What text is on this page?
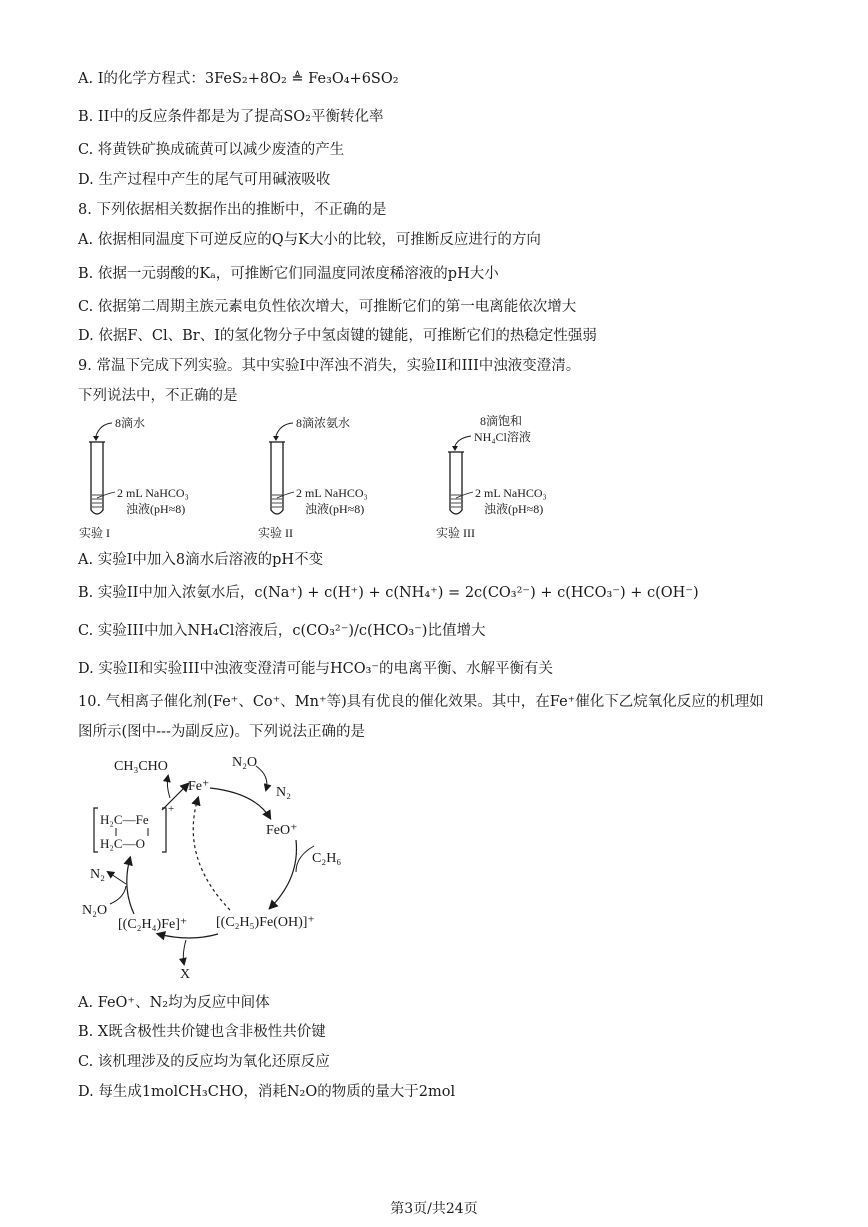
A. I的化学方程式：3FeS₂+8O₂ ≜ Fe₃O₄+6SO₂
B. II中的反应条件都是为了提高SO₂平衡转化率
C. 将黄铁矿换成硫黄可以减少废渣的产生
D. 生产过程中产生的尾气可用碱液吸收
8. 下列依据相关数据作出的推断中，不正确的是
A. 依据相同温度下可逆反应的Q与K大小的比较，可推断反应进行的方向
B. 依据一元弱酸的Kₐ，可推断它们同温度同浓度稀溶液的pH大小
C. 依据第二周期主族元素电负性依次增大，可推断它们的第一电离能依次增大
D. 依据F、Cl、Br、I的氢化物分子中氢卤键的键能，可推断它们的热稳定性强弱
9. 常温下完成下列实验。其中实验I中浑浊不消失，实验II和III中浊液变澄清。
下列说法中，不正确的是
8滴水
2 mL NaHCO₃
浊液(pH≈8)
实验 I
8滴浓氨水
2 mL NaHCO₃
浊液(pH≈8)
实验 II
8滴饱和
NH₄Cl溶液
2 mL NaHCO₃
浊液(pH≈8)
实验 III
A. 实验I中加入8滴水后溶液的pH不变
B. 实验II中加入浓氨水后，c(Na⁺) + c(H⁺) + c(NH₄⁺) = 2c(CO₃²⁻) + c(HCO₃⁻) + c(OH⁻)
C. 实验III中加入NH₄Cl溶液后，c(CO₃²⁻)/c(HCO₃⁻)比值增大
D. 实验II和实验III中浊液变澄清可能与HCO₃⁻的电离平衡、水解平衡有关
10. 气相离子催化剂(Fe⁺、Co⁺、Mn⁺等)具有优良的催化效果。其中，在Fe⁺催化下乙烷氧化反应的机理如
图所示(图中---为副反应)。下列说法正确的是
CH₃CHO
Fe⁺
N₂O
N₂
FeO⁺
C₂H₆
H₂C—Fe
H₂C—O
+
N₂
N₂O
[(C₂H₄)Fe]⁺ [(C₂H₅)Fe(OH)]⁺
X
A. FeO⁺、N₂均为反应中间体
B. X既含极性共价键也含非极性共价键
C. 该机理涉及的反应均为氧化还原反应
D. 每生成1molCH₃CHO，消耗N₂O的物质的量大于2mol
第3页/共24页
